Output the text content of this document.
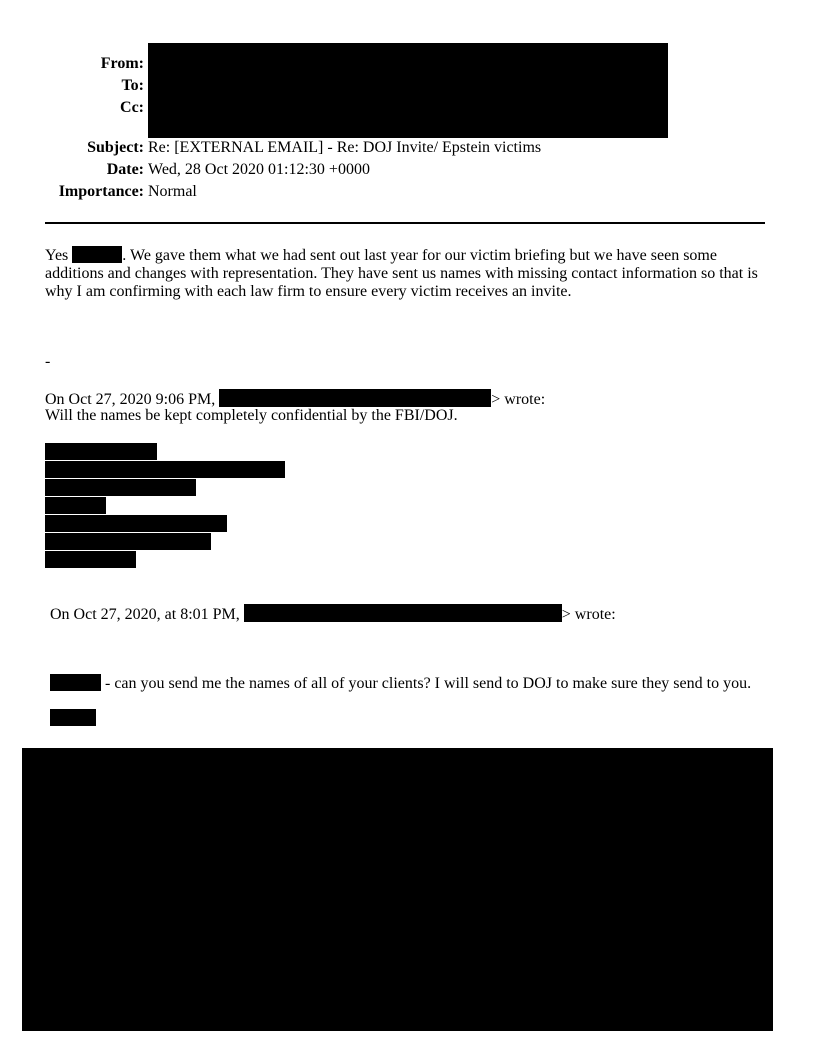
From:
To:
Cc:
Subject: Re: [EXTERNAL EMAIL] - Re: DOJ Invite/ Epstein victims
Date: Wed, 28 Oct 2020 01:12:30 +0000
Importance: Normal
Yes	. We gave them what we had sent out last year for our victim briefing but we have seen some additions and changes with representation. They have sent us names with missing contact information so that is why I am confirming with each law firm to ensure every victim receives an invite.
-
On Oct 27, 2020 9:06 PM,	> wrote:
Will the names be kept completely confidential by the FBI/DOJ.
On Oct 27, 2020, at 8:01 PM,	> wrote:
- can you send me the names of all of your clients? I will send to DOJ to make sure they send to you.
